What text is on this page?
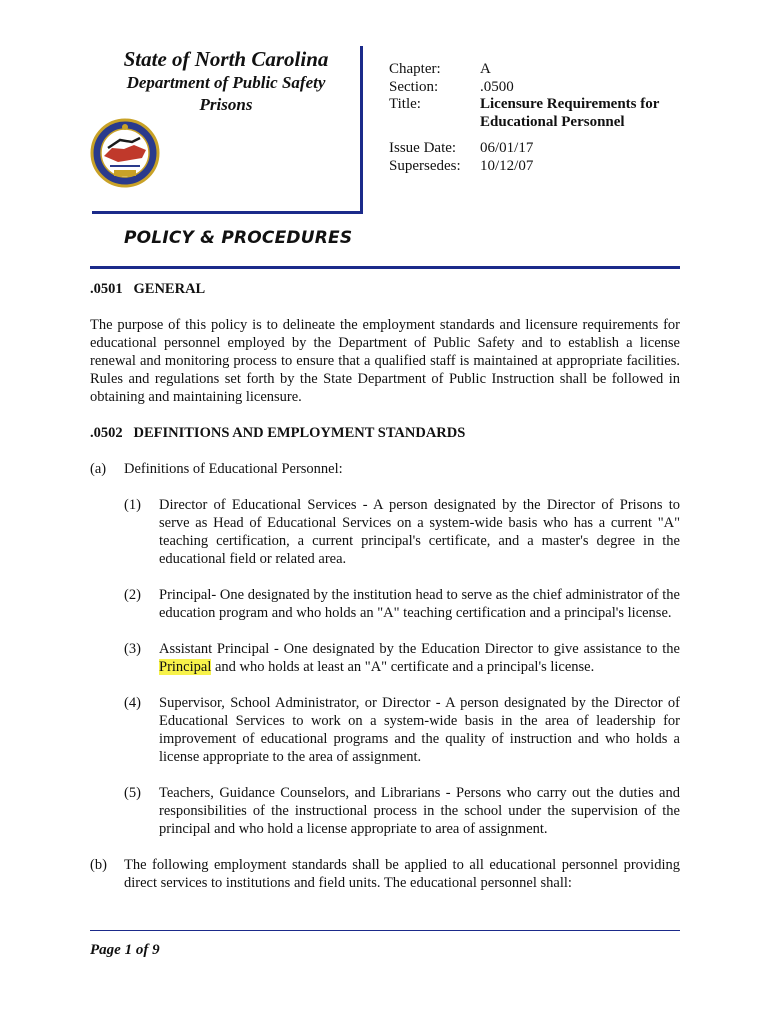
State of North Carolina
Department of Public Safety
Prisons
Chapter:	A
Section:	.0500
Title:	Licensure Requirements for
Educational Personnel
Issue Date:	06/01/17
Supersedes:	10/12/07
POLICY & PROCEDURES
.0501   GENERAL
The purpose of this policy is to delineate the employment standards and licensure requirements for educational personnel employed by the Department of Public Safety and to establish a license renewal and monitoring process to ensure that a qualified staff is maintained at appropriate facilities. Rules and regulations set forth by the State Department of Public Instruction shall be followed in obtaining and maintaining licensure.
.0502   DEFINITIONS AND EMPLOYMENT STANDARDS
(a)	Definitions of Educational Personnel:
(1)	Director of Educational Services - A person designated by the Director of Prisons to serve as Head of Educational Services on a system-wide basis who has a current "A" teaching certification, a current principal's certificate, and a master's degree in the educational field or related area.
(2)	Principal- One designated by the institution head to serve as the chief administrator of the education program and who holds an "A" teaching certification and a principal's license.
(3)	Assistant Principal - One designated by the Education Director to give assistance to the Principal and who holds at least an "A" certificate and a principal's license.
(4)	Supervisor, School Administrator, or Director - A person designated by the Director of Educational Services to work on a system-wide basis in the area of leadership for improvement of educational programs and the quality of instruction and who holds a license appropriate to the area of assignment.
(5)	Teachers, Guidance Counselors, and Librarians - Persons who carry out the duties and responsibilities of the instructional process in the school under the supervision of the principal and who hold a license appropriate to area of assignment.
(b)	The following employment standards shall be applied to all educational personnel providing direct services to institutions and field units. The educational personnel shall:
Page 1 of 9
